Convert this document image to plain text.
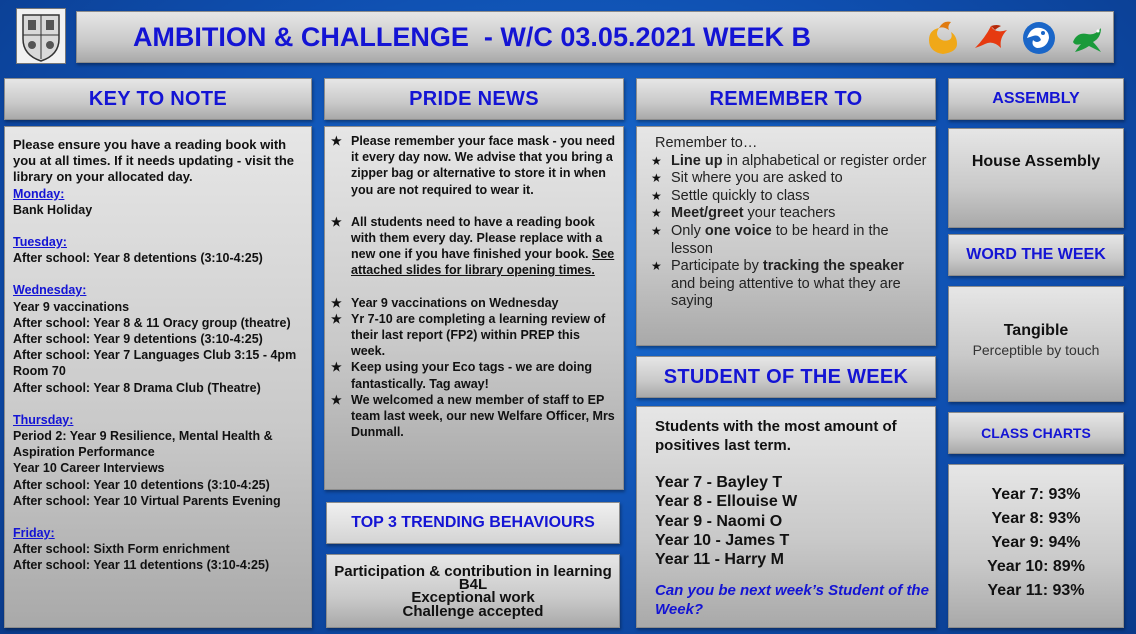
AMBITION & CHALLENGE  - W/C 03.05.2021 WEEK B
KEY TO NOTE
Please ensure you have a reading book with you at all times. If it needs updating - visit the library on your allocated day.
Monday:
Bank Holiday
Tuesday:
After school: Year 8 detentions (3:10-4:25)
Wednesday:
Year 9 vaccinations
After school: Year 8 & 11 Oracy group (theatre)
After school: Year 9 detentions (3:10-4:25)
After school: Year 7 Languages Club 3:15 - 4pm Room 70
After school: Year 8 Drama Club (Theatre)
Thursday:
Period 2: Year 9 Resilience, Mental Health & Aspiration Performance
Year 10 Career Interviews
After school: Year 10 detentions (3:10-4:25)
After school: Year 10 Virtual Parents Evening
Friday:
After school: Sixth Form enrichment
After school: Year 11 detentions (3:10-4:25)
PRIDE NEWS
★ Please remember your face mask - you need it every day now. We advise that you bring a zipper bag or alternative to store it in when you are not required to wear it.
★ All students need to have a reading book with them every day. Please replace with a new one if you have finished your book. See attached slides for library opening times.
★ Year 9 vaccinations on Wednesday
★ Yr 7-10 are completing a learning review of their last report (FP2) within PREP this week.
★ Keep using your Eco tags - we are doing fantastically. Tag away!
★ We welcomed a new member of staff to EP team last week, our new Welfare Officer, Mrs Dunmall.
TOP 3 TRENDING BEHAVIOURS
Participation & contribution in learning B4L
Exceptional work
Challenge accepted
REMEMBER TO
Remember to…
★ Line up in alphabetical or register order
★ Sit where you are asked to
★ Settle quickly to class
★ Meet/greet your teachers
★ Only one voice to be heard in the lesson
★ Participate by tracking the speaker and being attentive to what they are saying
STUDENT OF THE WEEK
Students with the most amount of positives last term.
Year 7 - Bayley T
Year 8 - Ellouise W
Year 9 - Naomi O
Year 10 - James T
Year 11 - Harry M
Can you be next week’s Student of the Week?
ASSEMBLY
House Assembly
WORD THE WEEK
Tangible
Perceptible by touch
CLASS CHARTS
Year 7: 93%
Year 8: 93%
Year 9: 94%
Year 10: 89%
Year 11: 93%
